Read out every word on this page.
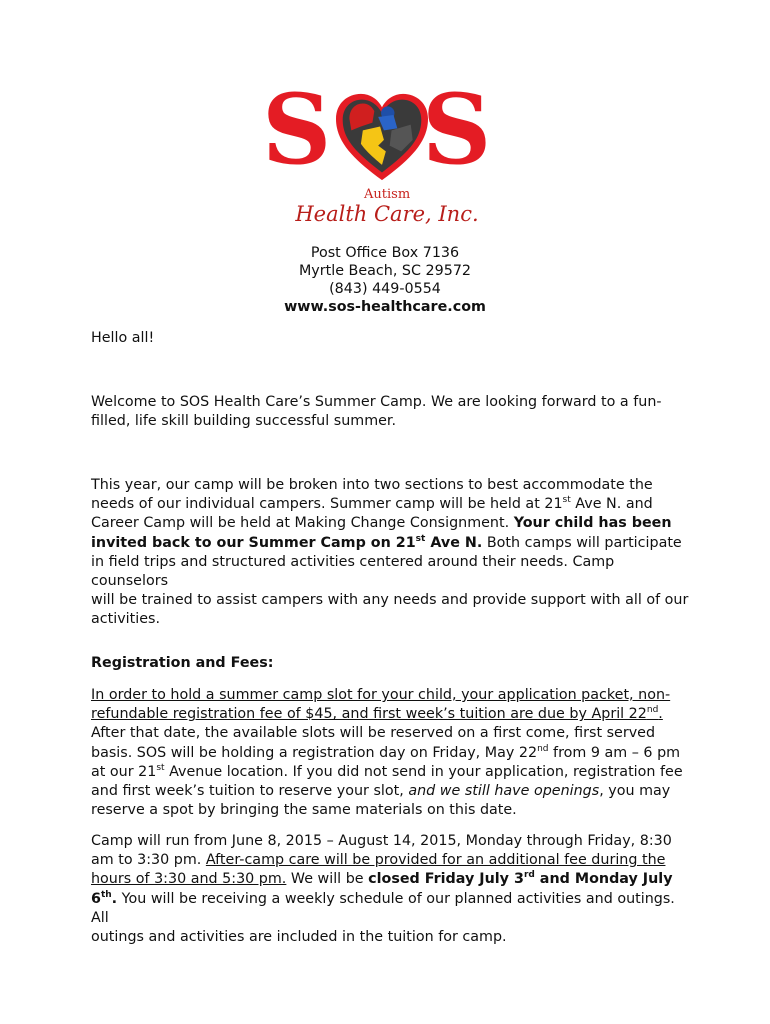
S S
Autism
Health Care, Inc.
Post Office Box 7136
Myrtle Beach, SC 29572
(843) 449-0554
www.sos-healthcare.com
Hello all!
Welcome to SOS Health Care’s Summer Camp. We are looking forward to a fun-
filled, life skill building successful summer.
This year, our camp will be broken into two sections to best accommodate the
needs of our individual campers. Summer camp will be held at 21st Ave N. and
Career Camp will be held at Making Change Consignment. Your child has been
invited back to our Summer Camp on 21st Ave N. Both camps will participate
in field trips and structured activities centered around their needs. Camp counselors
will be trained to assist campers with any needs and provide support with all of our
activities.
Registration and Fees:
In order to hold a summer camp slot for your child, your application packet, non-
refundable registration fee of $45, and first week’s tuition are due by April 22nd.
After that date, the available slots will be reserved on a first come, first served
basis. SOS will be holding a registration day on Friday, May 22nd from 9 am – 6 pm
at our 21st Avenue location. If you did not send in your application, registration fee
and first week’s tuition to reserve your slot, and we still have openings, you may
reserve a spot by bringing the same materials on this date.
Camp will run from June 8, 2015 – August 14, 2015, Monday through Friday, 8:30
am to 3:30 pm. After-camp care will be provided for an additional fee during the
hours of 3:30 and 5:30 pm. We will be closed Friday July 3rd and Monday July
6th. You will be receiving a weekly schedule of our planned activities and outings. All
outings and activities are included in the tuition for camp.
